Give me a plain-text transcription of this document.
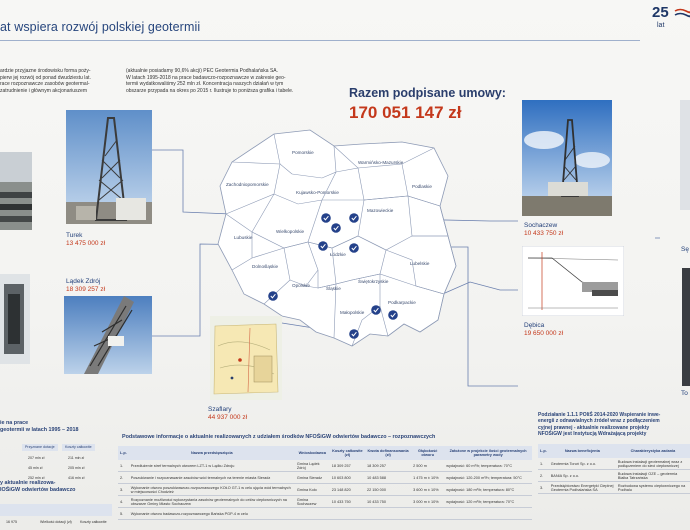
at wspiera rozwój polskiej geotermii
25
lat
ardzie przyjazne środowisku forma poży-
pierw jej rozwój od ponad dwudziestu lat.
race rozpoznawcze zasobów geotermal-
zatrudnienie i głównym akcjonariuszem
(aktualnie posiadamy 90,6% akcji) PEC Geotermia Podhalańska SA.
W latach 1995-2018 na prace badawczo-rozpoznawcze w zakresie geo-
termii wydatkowaliśmy 252 mln zł. Koncentracja naszych działań w tym
obszarze przypada na okres po 2015 r. Ilustruje to poniższa grafika i tabele.	Razem podpisane umowy:
170 051 147 zł
Pomorskie
Warmińsko-Mazurskie
Zachodniopomorskie
Kujawsko-Pomorskie
Podlaskie
Mazowieckie
Lubuskie
Wielkopolskie
Łódzkie
Lubelskie
Dolnośląskie
Opolskie
Śląskie
Świętokrzyskie
Małopolskie
Podkarpackie
Turek
13 475 000 zł
Lądek Zdrój
18 309 257 zł
Szaflary
44 937 000 zł
Sochaczew
10 433 750 zł
Dębica
19 650 000 zł
Sę
To
ie na prace
geotermii w latach 1995 – 2018
Przyznane dotacje	Koszty całkowite
207 mln zł	211 mln zł
45 mln zł	205 mln zł
252 mln zł	416 mln zł
y aktualnie realizowa-
IOŚiGW odwiertów badawczo
16 975	Wielkość dotacji (zł) Koszty całkowite
Podstawowe informacje o aktualnie realizowanych z udziałem środków NFOŚiGW odwiertów badawczo – rozpoznawczych
L.p.	Nazwa przedsięwzięcia	Wnioskodawca	Koszty całkowite (zł)	Kwota dofinansowania (zł)	Głębokość otworu	Założone w projekcie ilości geotermalnych parametry wody
1.	Przedłużenie stref termalnych otworem LZT-1 w Lądku Zdroju	Gmina Lądek Zdrój	18 309 257	18 309 257	2 500 m	wydajność: 60 m³/h; temperatura: 70°C
2.	Poszukiwanie i rozpoznawanie zasobów wód termalnych na terenie miasta Sieradz	Gmina Sieradz	10 603 800	10 483 588	1 475 m ± 10%	wydajność: 120-200 m³/h; temperatura: 50°C
3.	Wykonanie otworu poszukiwawczo-rozpoznawczego KOŁO GT-1 w celu ujęcia wód termalnych w miejscowości Chodzież	Gmina Koło	23 148 820	22 150 000	3 600 m ± 10%	wydajność: 180 m³/h; temperatura: 80°C
4.	Rozpoznanie możliwości wykorzystania zasobów geotermalnych do celów ciepłowniczych na obszarze Gminy Miasto Sochaczew	Gmina Sochaczew	10 433 750	10 433 750	3 000 m ± 10%	wydajność: 120 m³/h; temperatura: 70°C
5.	Wykonanie otworu badawczo-rozpoznawczego Bańska PGP-4 w celu					
Podziałanie 1.1.1 POIiŚ 2014-2020 Wspieranie inwe-
energii z odnawialnych źródeł wraz z podłączeniem
cyjnej prawnej - aktualnie realizowane projekty
NFOŚiGW jest Instytucją Wdrażającą projekty
L.p.	Nazwa beneficjenta	Charakterystyka zadania
1.	Geotermia Toruń Sp. z o.o.	Budowa instalacji geotermalnej wraz z podłączeniem do sieci ciepłowniczej
2.	BANIA Sp. z o.o.	Budowa instalacji OZE – geotermia Białka Tatrzańska
3.	Przedsiębiorstwo Energetyki Cieplnej Geotermia Podhalańska SA	Rozbudowa systemu ciepłowniczego na Podhalu
